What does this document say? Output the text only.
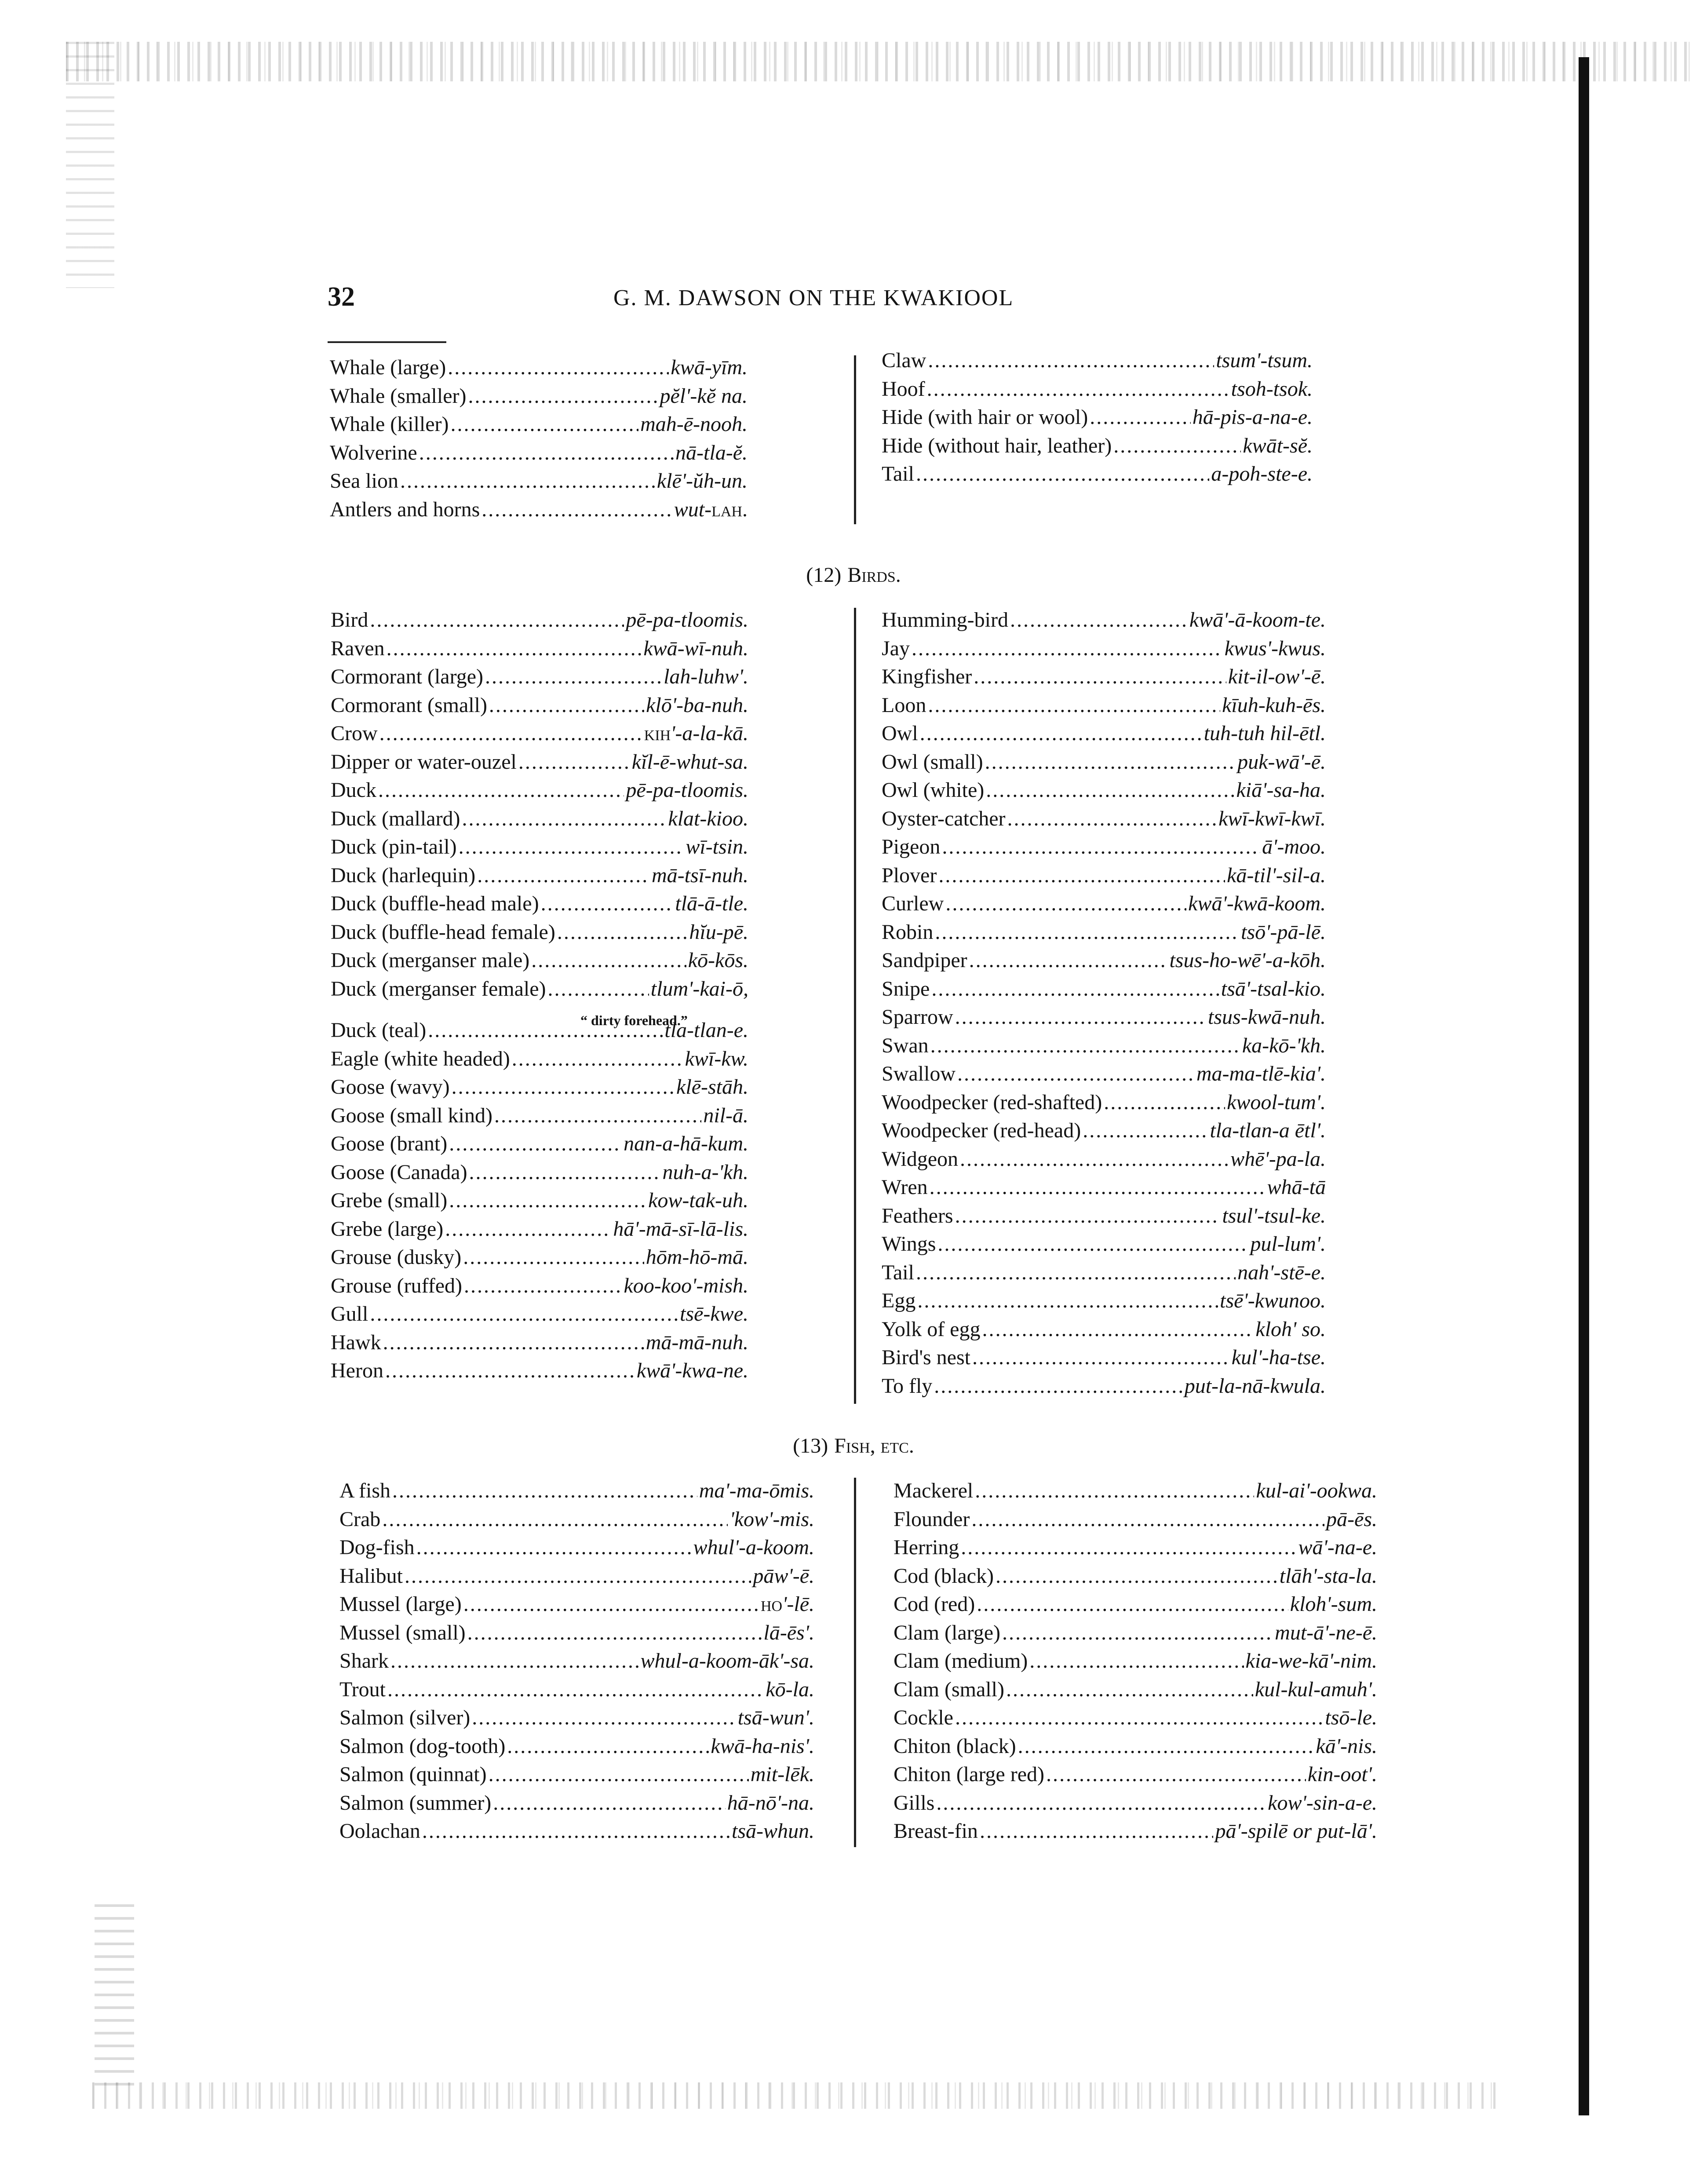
32	G. M. DAWSON ON THE KWAKIOOL
Whale (large) .....	kwā-yīm.
Whale (smaller) .....	pĕl'-kĕ na.
Whale (killer) .....	mah-ē-nooh.
Wolverine .....	nā-tla-ĕ.
Sea lion .....	klē'-ŭh-un.
Antlers and horns .....	wut-lah.
Claw .....	tsum'-tsum.
Hoof .....	tsoh-tsok.
Hide (with hair or wool) .....	hā-pis-a-na-e.
Hide (without hair, leather) .....	kwāt-sĕ.
Tail .....	a-poh-ste-e.
(12) Birds.
Bird .....	pē-pa-tloomis.
Raven .....	kwā-wī-nuh.
Cormorant (large) .....	lah-luhw'.
Cormorant (small) .....	klō'-ba-nuh.
Crow .....	kih'-a-la-kā.
Dipper or water-ouzel .....	kĭl-ē-whut-sa.
Duck .....	pē-pa-tloomis.
Duck (mallard) .....	klat-kioo.
Duck (pin-tail) .....	wī-tsin.
Duck (harlequin) .....	mā-tsī-nuh.
Duck (buffle-head male) .....	tlā-ā-tle.
Duck (buffle-head female) .....	hĭu-pē.
Duck (merganser male) .....	kō-kōs.
Duck (merganser female) .....	tlum'-kai-ō,
Duck (teal) .....	tla-tlan-e.
Eagle (white headed) .....	kwī-kw.
Goose (wavy) .....	klē-stāh.
Goose (small kind) .....	nil-ā.
Goose (brant) .....	nan-a-hā-kum.
Goose (Canada) .....	nuh-a-'kh.
Grebe (small) .....	kow-tak-uh.
Grebe (large) .....	hā'-mā-sī-lā-lis.
Grouse (dusky) .....	hōm-hō-mā.
Grouse (ruffed) .....	koo-koo'-mish.
Gull .....	tsē-kwe.
Hawk .....	mā-mā-nuh.
Heron .....	kwā'-kwa-ne.
Humming-bird .....	kwā'-ā-koom-te.
Jay .....	kwus'-kwus.
Kingfisher .....	kit-il-ow'-ē.
Loon .....	kīuh-kuh-ēs.
Owl .....	tuh-tuh hil-ētl.
Owl (small) .....	puk-wā'-ē.
Owl (white) .....	kiā'-sa-ha.
Oyster-catcher .....	kwī-kwī-kwī.
Pigeon .....	ā'-moo.
Plover .....	kā-til'-sil-a.
Curlew .....	kwā'-kwā-koom.
Robin .....	tsō'-pā-lē.
Sandpiper .....	tsus-ho-wē'-a-kōh.
Snipe .....	tsā'-tsal-kio.
Sparrow .....	tsus-kwā-nuh.
Swan .....	ka-kō-'kh.
Swallow .....	ma-ma-tlē-kia'.
Woodpecker (red-shafted) .....	kwool-tum'.
Woodpecker (red-head) .....	tla-tlan-a ētl'.
Widgeon .....	whē'-pa-la.
Wren .....	whā-tā
Feathers .....	tsul'-tsul-ke.
Wings .....	pul-lum'.
Tail .....	nah'-stē-e.
Egg .....	tsē'-kwunoo.
Yolk of egg .....	kloh' so.
Bird's nest .....	kul'-ha-tse.
To fly .....	put-la-nā-kwula.
“ dirty forehead.”
(13) Fish, etc.
A fish .....	ma'-ma-ōmis.
Crab .....	'kow'-mis.
Dog-fish .....	whul'-a-koom.
Halibut .....	pāw'-ē.
Mussel (large) .....	ho'-lē.
Mussel (small) .....	lā-ēs'.
Shark .....	whul-a-koom-āk'-sa.
Trout .....	kō-la.
Salmon (silver) .....	tsā-wun'.
Salmon (dog-tooth) .....	kwā-ha-nis'.
Salmon (quinnat) .....	mit-lēk.
Salmon (summer) .....	hā-nō'-na.
Oolachan .....	tsā-whun.
Mackerel .....	kul-ai'-ookwa.
Flounder .....	pā-ēs.
Herring .....	wā'-na-e.
Cod (black) .....	tlāh'-sta-la.
Cod (red) .....	kloh'-sum.
Clam (large) .....	mut-ā'-ne-ē.
Clam (medium) .....	kia-we-kā'-nim.
Clam (small) .....	kul-kul-amuh'.
Cockle .....	tsō-le.
Chiton (black) .....	kā'-nis.
Chiton (large red) .....	kin-oot'.
Gills .....	kow'-sin-a-e.
Breast-fin .....	pā'-spilē or put-lā'.
